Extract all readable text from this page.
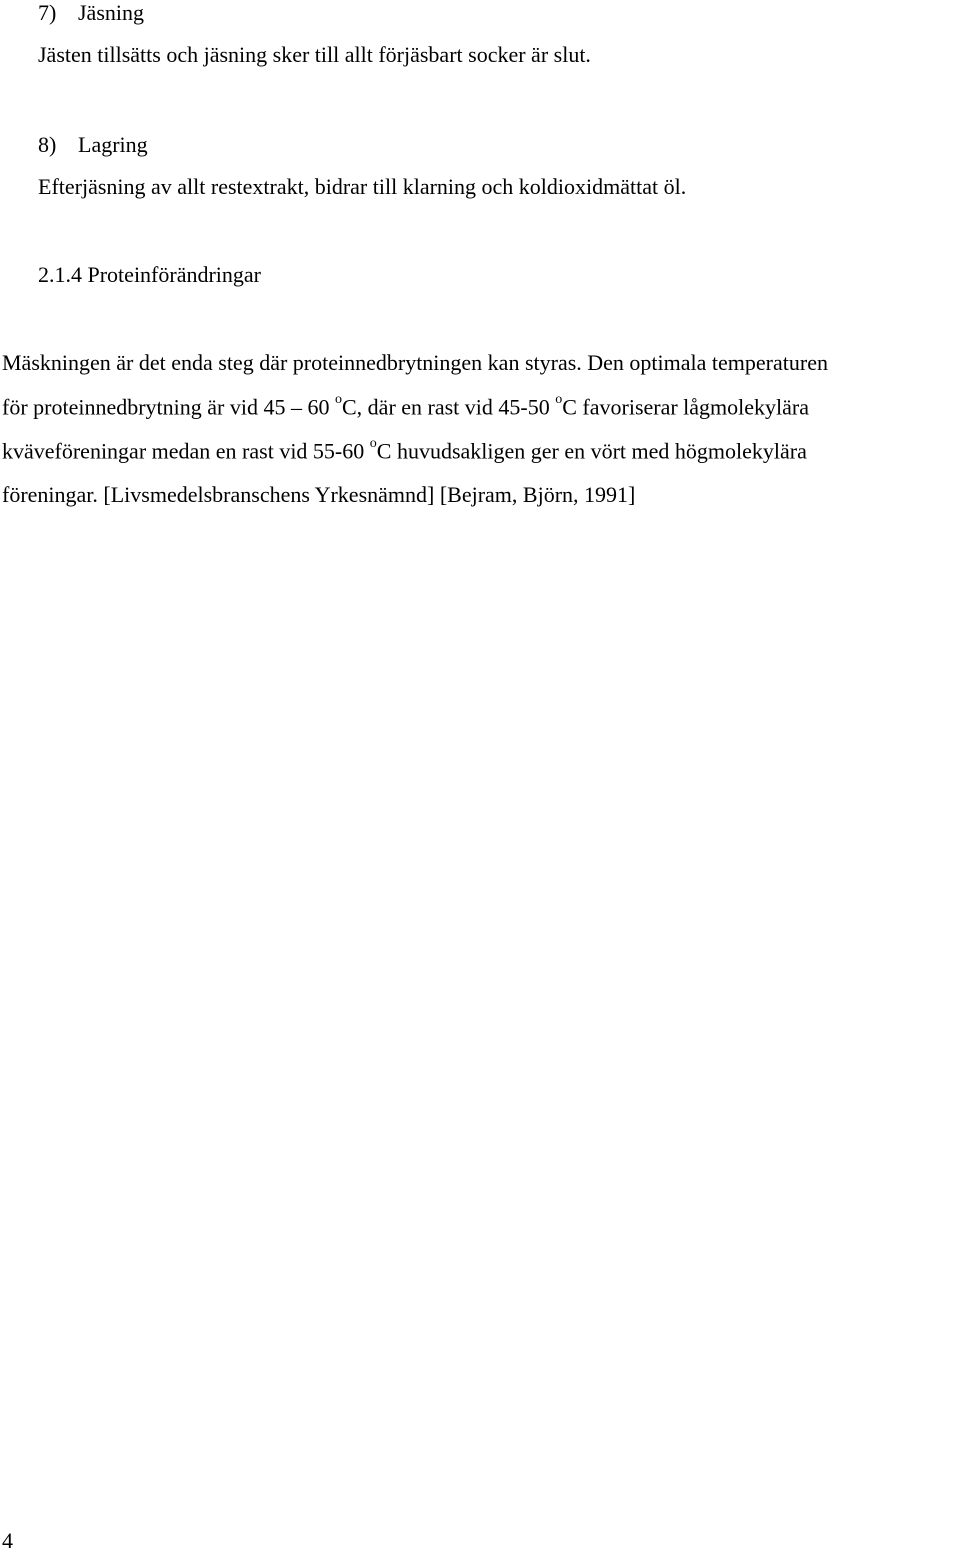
7) Jäsning
Jästen tillsätts och jäsning sker till allt förjäsbart socker är slut.
8) Lagring
Efterjäsning av allt restextrakt, bidrar till klarning och koldioxidmättat öl.
2.1.4 Proteinförändringar
Mäskningen är det enda steg där proteinnedbrytningen kan styras. Den optimala temperaturen
för proteinnedbrytning är vid 45 – 60 $^o$C, där en rast vid 45-50 $^o$C favoriserar lågmolekylära
kväveföreningar medan en rast vid 55-60 $^o$C huvudsakligen ger en vört med högmolekylära
föreningar. [Livsmedelsbranschens Yrkesnämnd] [Bejram, Björn, 1991]
4
